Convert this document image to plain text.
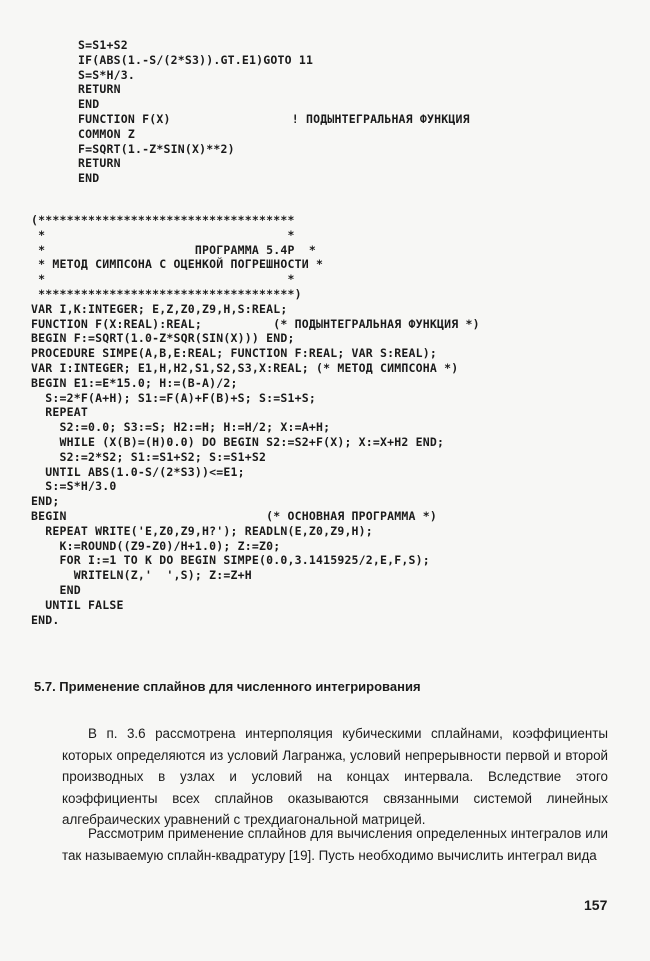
S=S1+S2
IF(ABS(1.-S/(2*S3)).GT.E1)GOTO 11
S=S*H/3.
RETURN
END
FUNCTION F(X)                 ! ПОДЫНТЕГРАЛЬНАЯ ФУНКЦИЯ
COMMON Z
F=SQRT(1.-Z*SIN(X)**2)
RETURN
END
(************************************
*                                  *
*                     ПРОГРАММА 5.4Р  *
* МЕТОД СИМПСОНА С ОЦЕНКОЙ ПОГРЕШНОСТИ *
*                                  *
************************************)
VAR I,K:INTEGER; E,Z,Z0,Z9,H,S:REAL;
FUNCTION F(X:REAL):REAL;          (* ПОДЫНТЕГРАЛЬНАЯ ФУНКЦИЯ *)
BEGIN F:=SQRT(1.0-Z*SQR(SIN(X))) END;
PROCEDURE SIMPE(A,B,E:REAL; FUNCTION F:REAL; VAR S:REAL);
VAR I:INTEGER; E1,H,H2,S1,S2,S3,X:REAL; (* МЕТОД СИМПСОНА *)
BEGIN E1:=E*15.0; H:=(B-A)/2;
S:=2*F(A+H); S1:=F(A)+F(B)+S; S:=S1+S;
REPEAT
S2:=0.0; S3:=S; H2:=H; H:=H/2; X:=A+H;
WHILE (X(B)=(H)0.0) DO BEGIN S2:=S2+F(X); X:=X+H2 END;
S2:=2*S2; S1:=S1+S2; S:=S1+S2
UNTIL ABS(1.0-S/(2*S3))<=E1;
S:=S*H/3.0
END;
BEGIN                            (* ОСНОВНАЯ ПРОГРАММА *)
REPEAT WRITE('E,Z0,Z9,H?'); READLN(E,Z0,Z9,H);
K:=ROUND((Z9-Z0)/H+1.0); Z:=Z0;
FOR I:=1 TO K DO BEGIN SIMPE(0.0,3.1415925/2,E,F,S);
WRITELN(Z,'  ',S); Z:=Z+H
END
UNTIL FALSE
END.
5.7. Применение сплайнов для численного интегрирования

В п. 3.6 рассмотрена интерполяция кубическими сплайнами, коэффициенты которых определяются из условий Лагранжа, условий непрерывности первой и второй производных в узлах и условий на концах интервала. Вследствие этого коэффициенты всех сплайнов оказываются связанными системой линейных алгебраических уравнений с трехдиагональной матрицей.

Рассмотрим применение сплайнов для вычисления определенных интегралов или так называемую сплайн-квадратуру [19]. Пусть необходимо вычислить интеграл вида

157
